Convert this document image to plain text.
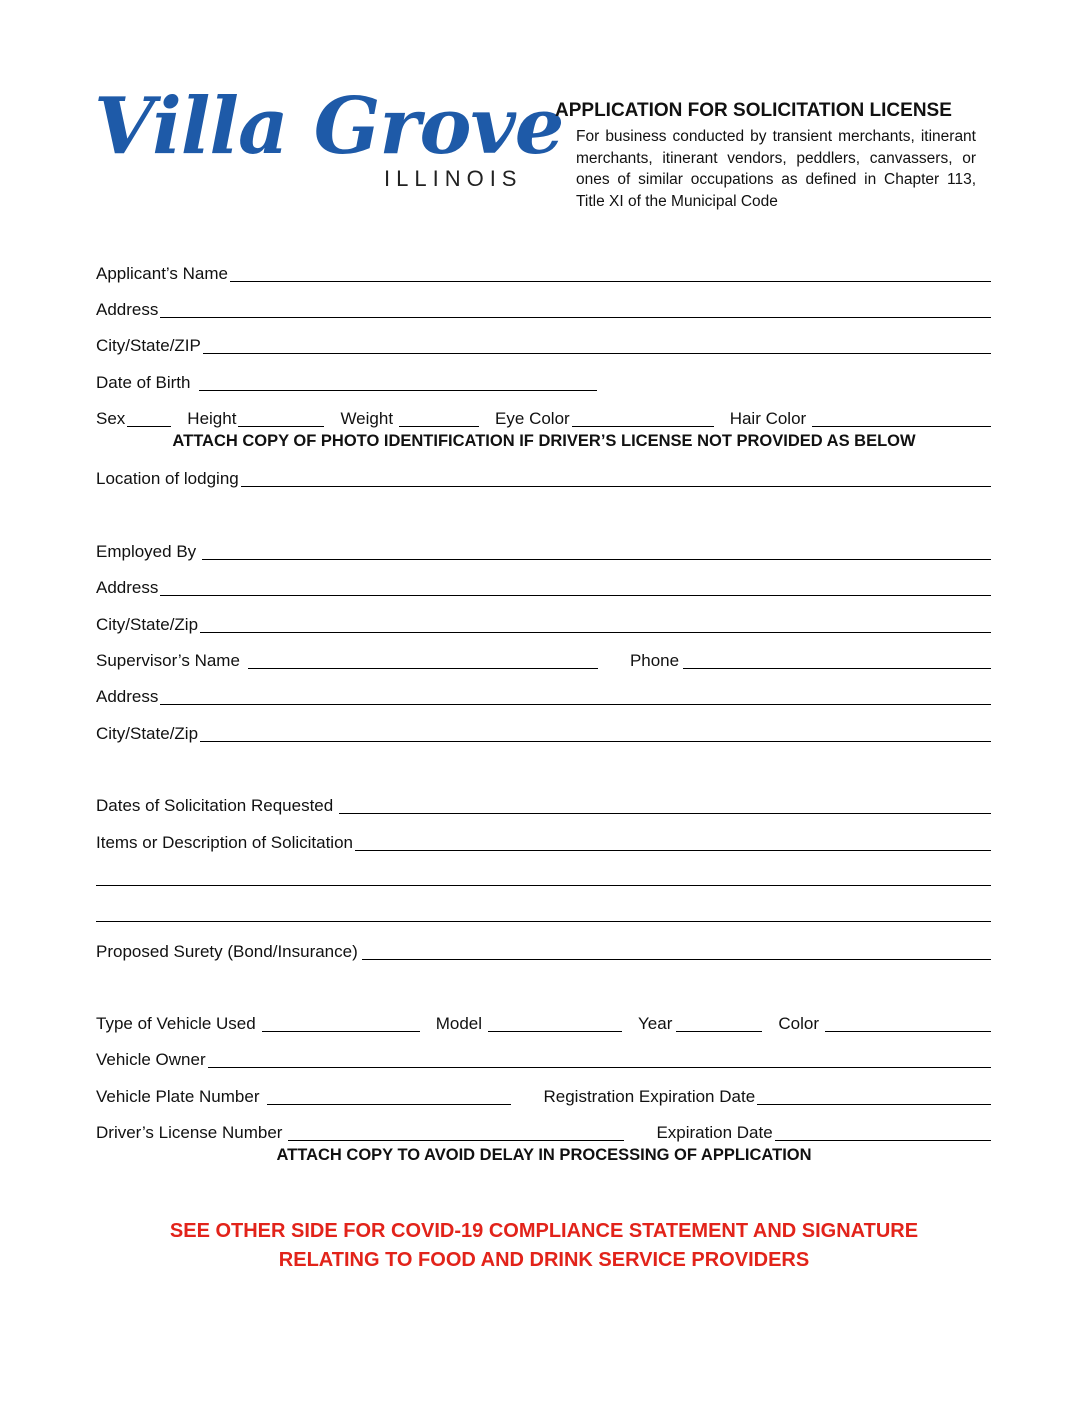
Villa Grove
ILLINOIS
APPLICATION FOR SOLICITATION LICENSE
For business conducted by transient merchants, itinerant merchants, itinerant vendors, peddlers, canvassers, or ones of similar occupations as defined in Chapter 113, Title XI of the Municipal Code
Applicant’s Name
Address
City/State/ZIP
Date of Birth
Sex	Height	Weight	Eye Color	Hair Color
ATTACH COPY OF PHOTO IDENTIFICATION IF DRIVER’S LICENSE NOT PROVIDED AS BELOW
Location of lodging
Employed By
Address
City/State/Zip
Supervisor’s Name	Phone
Address
City/State/Zip
Dates of Solicitation Requested
Items or Description of Solicitation
Proposed Surety (Bond/Insurance)
Type of Vehicle Used	Model	Year	Color
Vehicle Owner
Vehicle Plate Number	Registration Expiration Date
Driver’s License Number	Expiration Date
ATTACH COPY TO AVOID DELAY IN PROCESSING OF APPLICATION
SEE OTHER SIDE FOR COVID-19 COMPLIANCE STATEMENT AND SIGNATURE
RELATING TO FOOD AND DRINK SERVICE PROVIDERS
